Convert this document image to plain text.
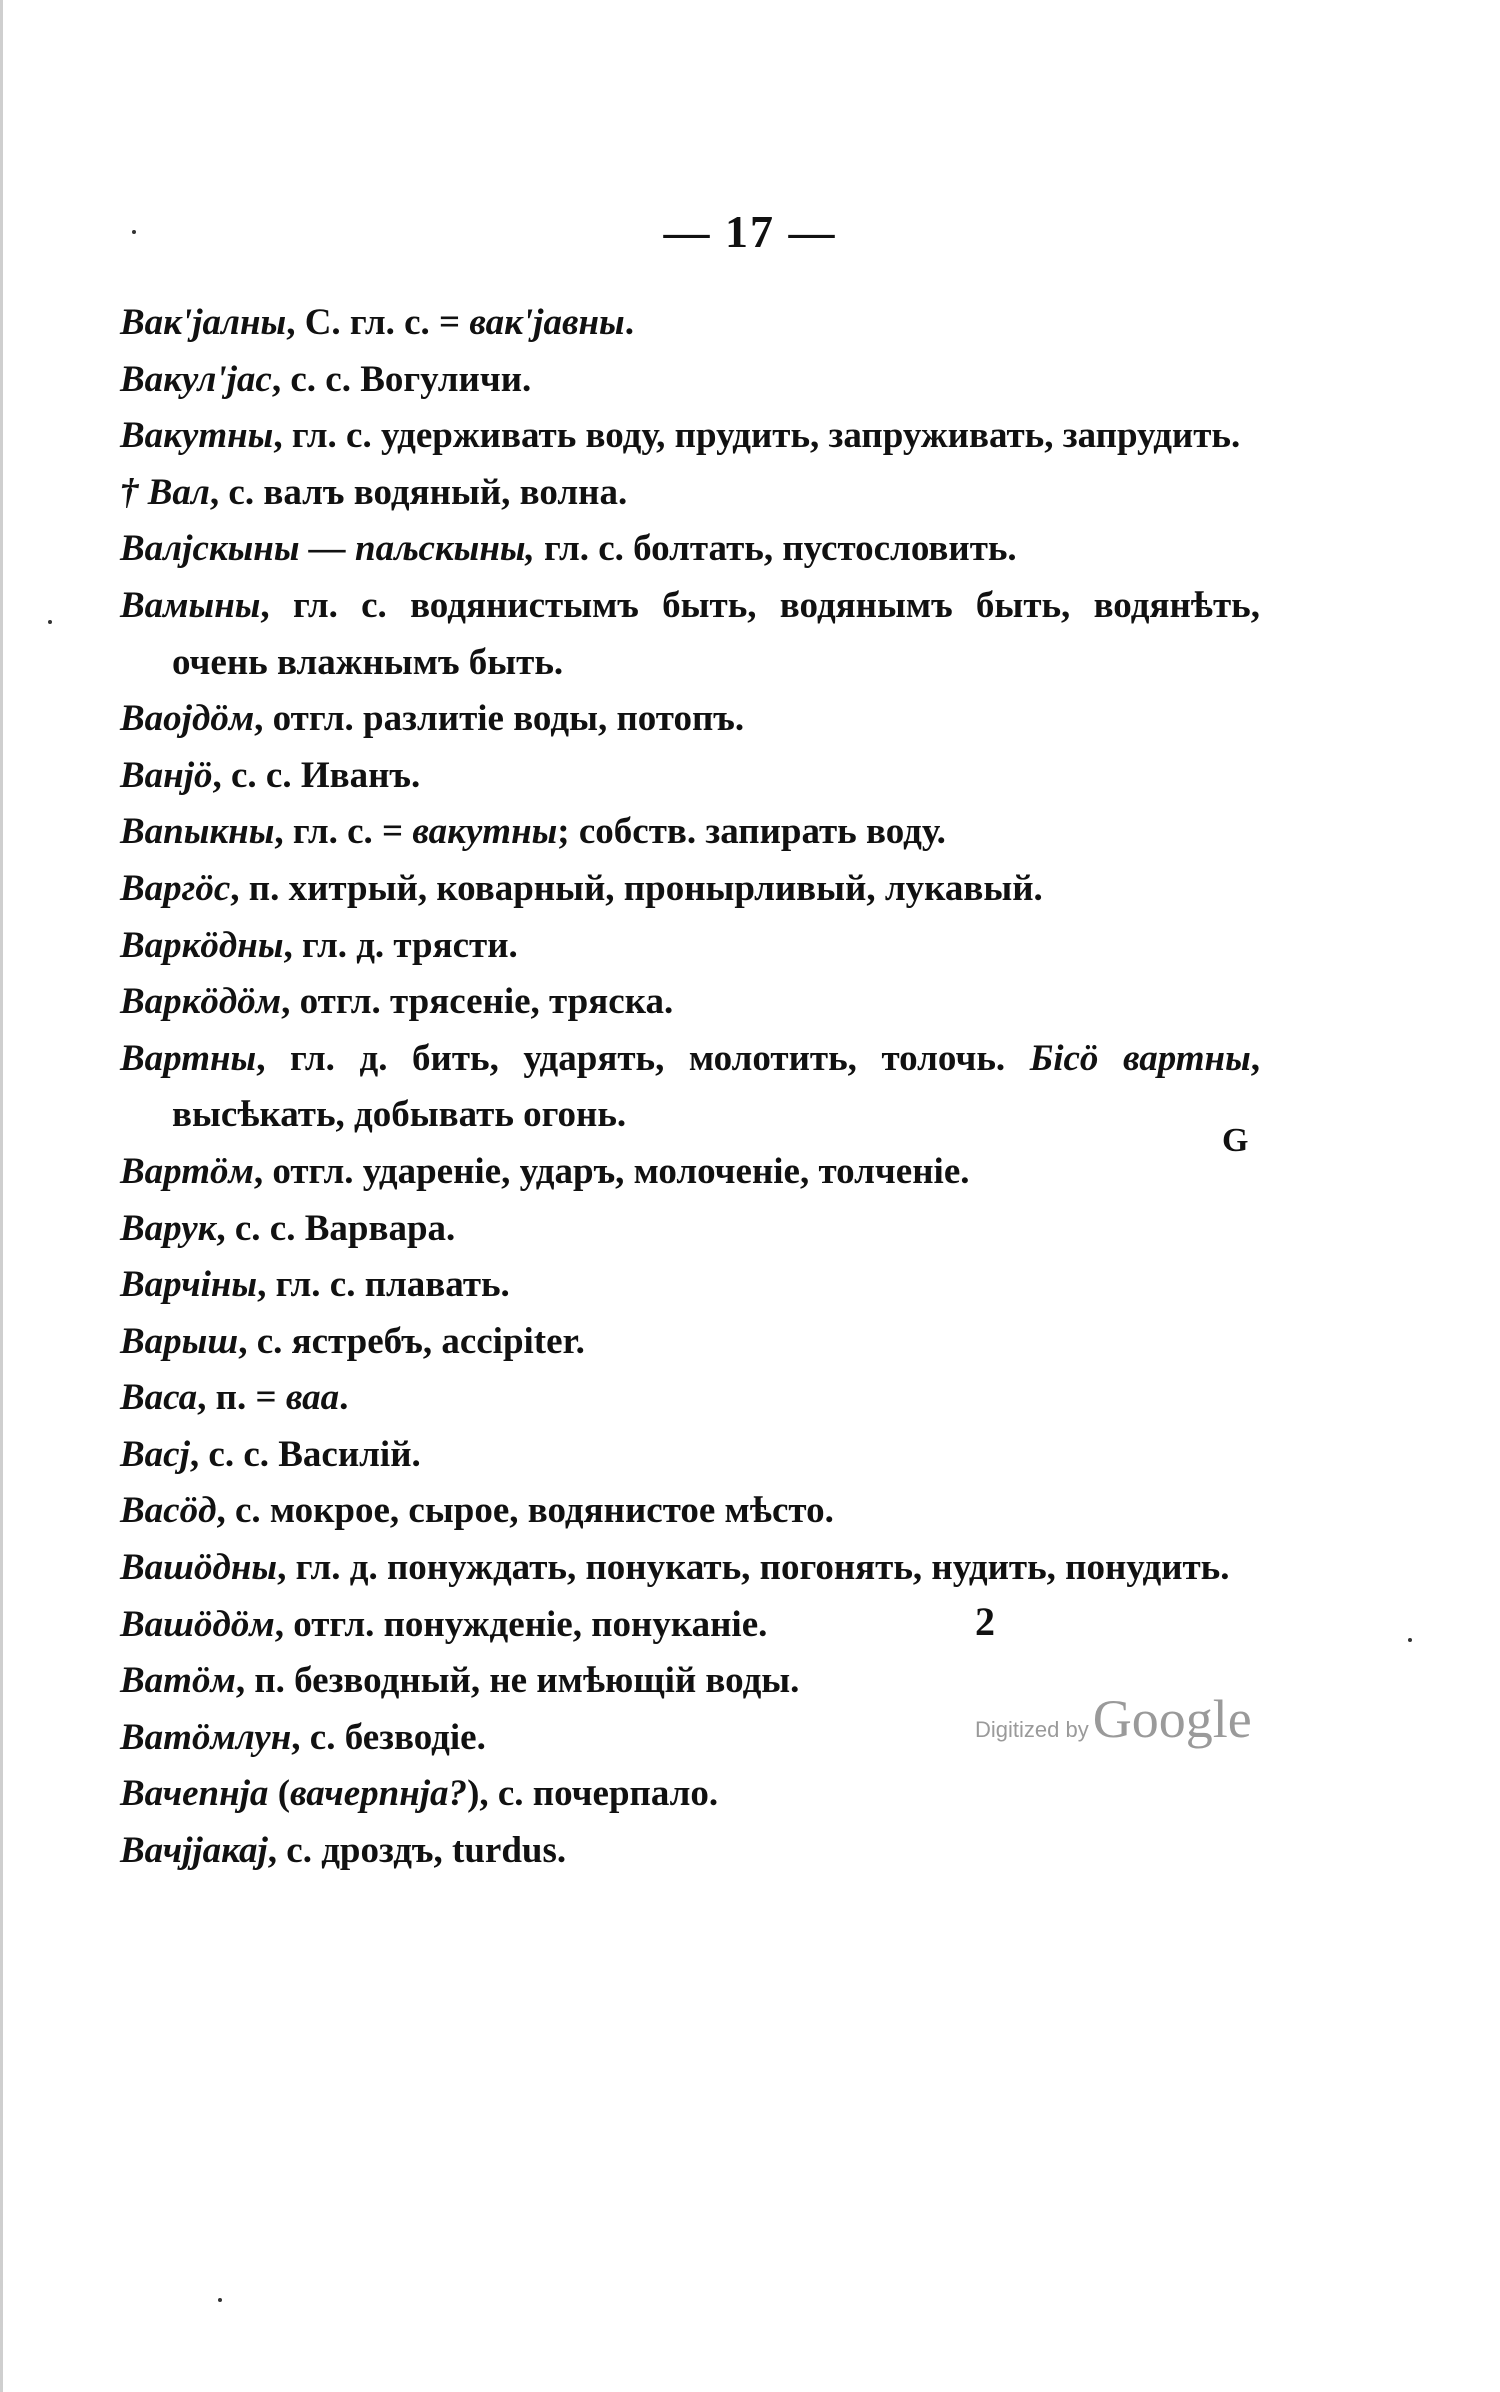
— 17 —
Вак'јалны, С. гл. с. = вак'јавны.
Вакул'јас, с. с. Вогуличи.
Вакутны, гл. с. удерживать воду, прудить, запруживать, запрудить.
† Вал, с. валъ водяный, волна.
Валјскыны — паљскыны, гл. с. болтать, пустословить.
Вамыны, гл. с. водянистымъ быть, водянымъ быть, водянѣть, очень влажнымъ быть.
Ваојдӧм, отгл. разлитіе воды, потопъ.
Ванјӧ, с. с. Иванъ.
Вапыкны, гл. с. = вакутны; собств. запирать воду.
Варгӧс, п. хитрый, коварный, пронырливый, лукавый.
Варкӧдны, гл. д. трясти.
Варкӧдӧм, отгл. трясеніе, тряска.
Вартны, гл. д. бить, ударять, молотить, толочь. Бісӧ вартны, высѣкать, добывать огонь.
Вартӧм, отгл. удареніе, ударъ, молоченіе, толченіе.
Варук, с. с. Варвара.
Варчіны, гл. с. плавать.
Варыш, с. ястребъ, accipiter.
Васа, п. = ваа.
Васј, с. с. Василій.
Васӧд, с. мокрое, сырое, водянистое мѣсто.
Вашӧдны, гл. д. понуждать, понукать, погонять, нудить, понудить.
Вашӧдӧм, отгл. понужденіе, понуканіе.
Ватӧм, п. безводный, не имѣющій воды.
Ватӧмлун, с. безводіе.
Вачепнја (вачерпнја?), с. почерпало.
Вачјјакај, с. дроздъ, turdus.
G
2
Digitized by Google
